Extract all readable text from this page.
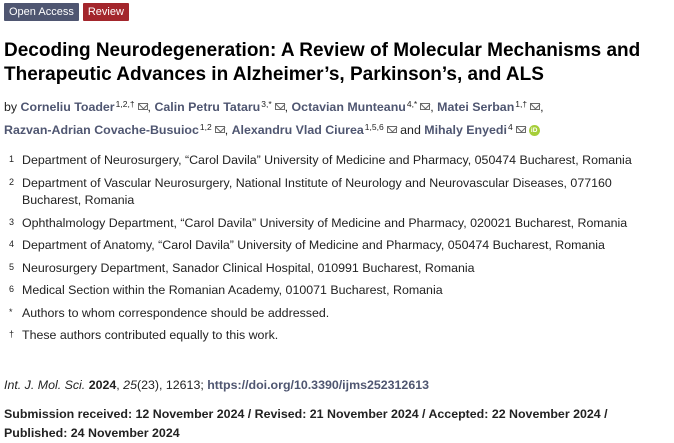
Open Access	Review
Decoding Neurodegeneration: A Review of Molecular Mechanisms and Therapeutic Advances in Alzheimer’s, Parkinson’s, and ALS
by Corneliu Toader$^{1,2,\dagger}$ , Calin Petru Tataru$^{3,*}$ , Octavian Munteanu$^{4,*}$ , Matei Serban$^{1,\dagger}$ ,
Razvan-Adrian Covache-Busuioc$^{1,2}$ , Alexandru Vlad Ciurea$^{1,5,6}$ and Mihaly Enyedi$^4$	iD
1 Department of Neurosurgery, “Carol Davila” University of Medicine and Pharmacy, 050474 Bucharest, Romania
2 Department of Vascular Neurosurgery, National Institute of Neurology and Neurovascular Diseases, 077160 Bucharest, Romania
3 Ophthalmology Department, “Carol Davila” University of Medicine and Pharmacy, 020021 Bucharest, Romania
4 Department of Anatomy, “Carol Davila” University of Medicine and Pharmacy, 050474 Bucharest, Romania
5 Neurosurgery Department, Sanador Clinical Hospital, 010991 Bucharest, Romania
6 Medical Section within the Romanian Academy, 010071 Bucharest, Romania
* Authors to whom correspondence should be addressed.
† These authors contributed equally to this work.
Int. J. Mol. Sci. 2024, 25(23), 12613; https://doi.org/10.3390/ijms252312613
Submission received: 12 November 2024 / Revised: 21 November 2024 / Accepted: 22 November 2024 /
Published: 24 November 2024
